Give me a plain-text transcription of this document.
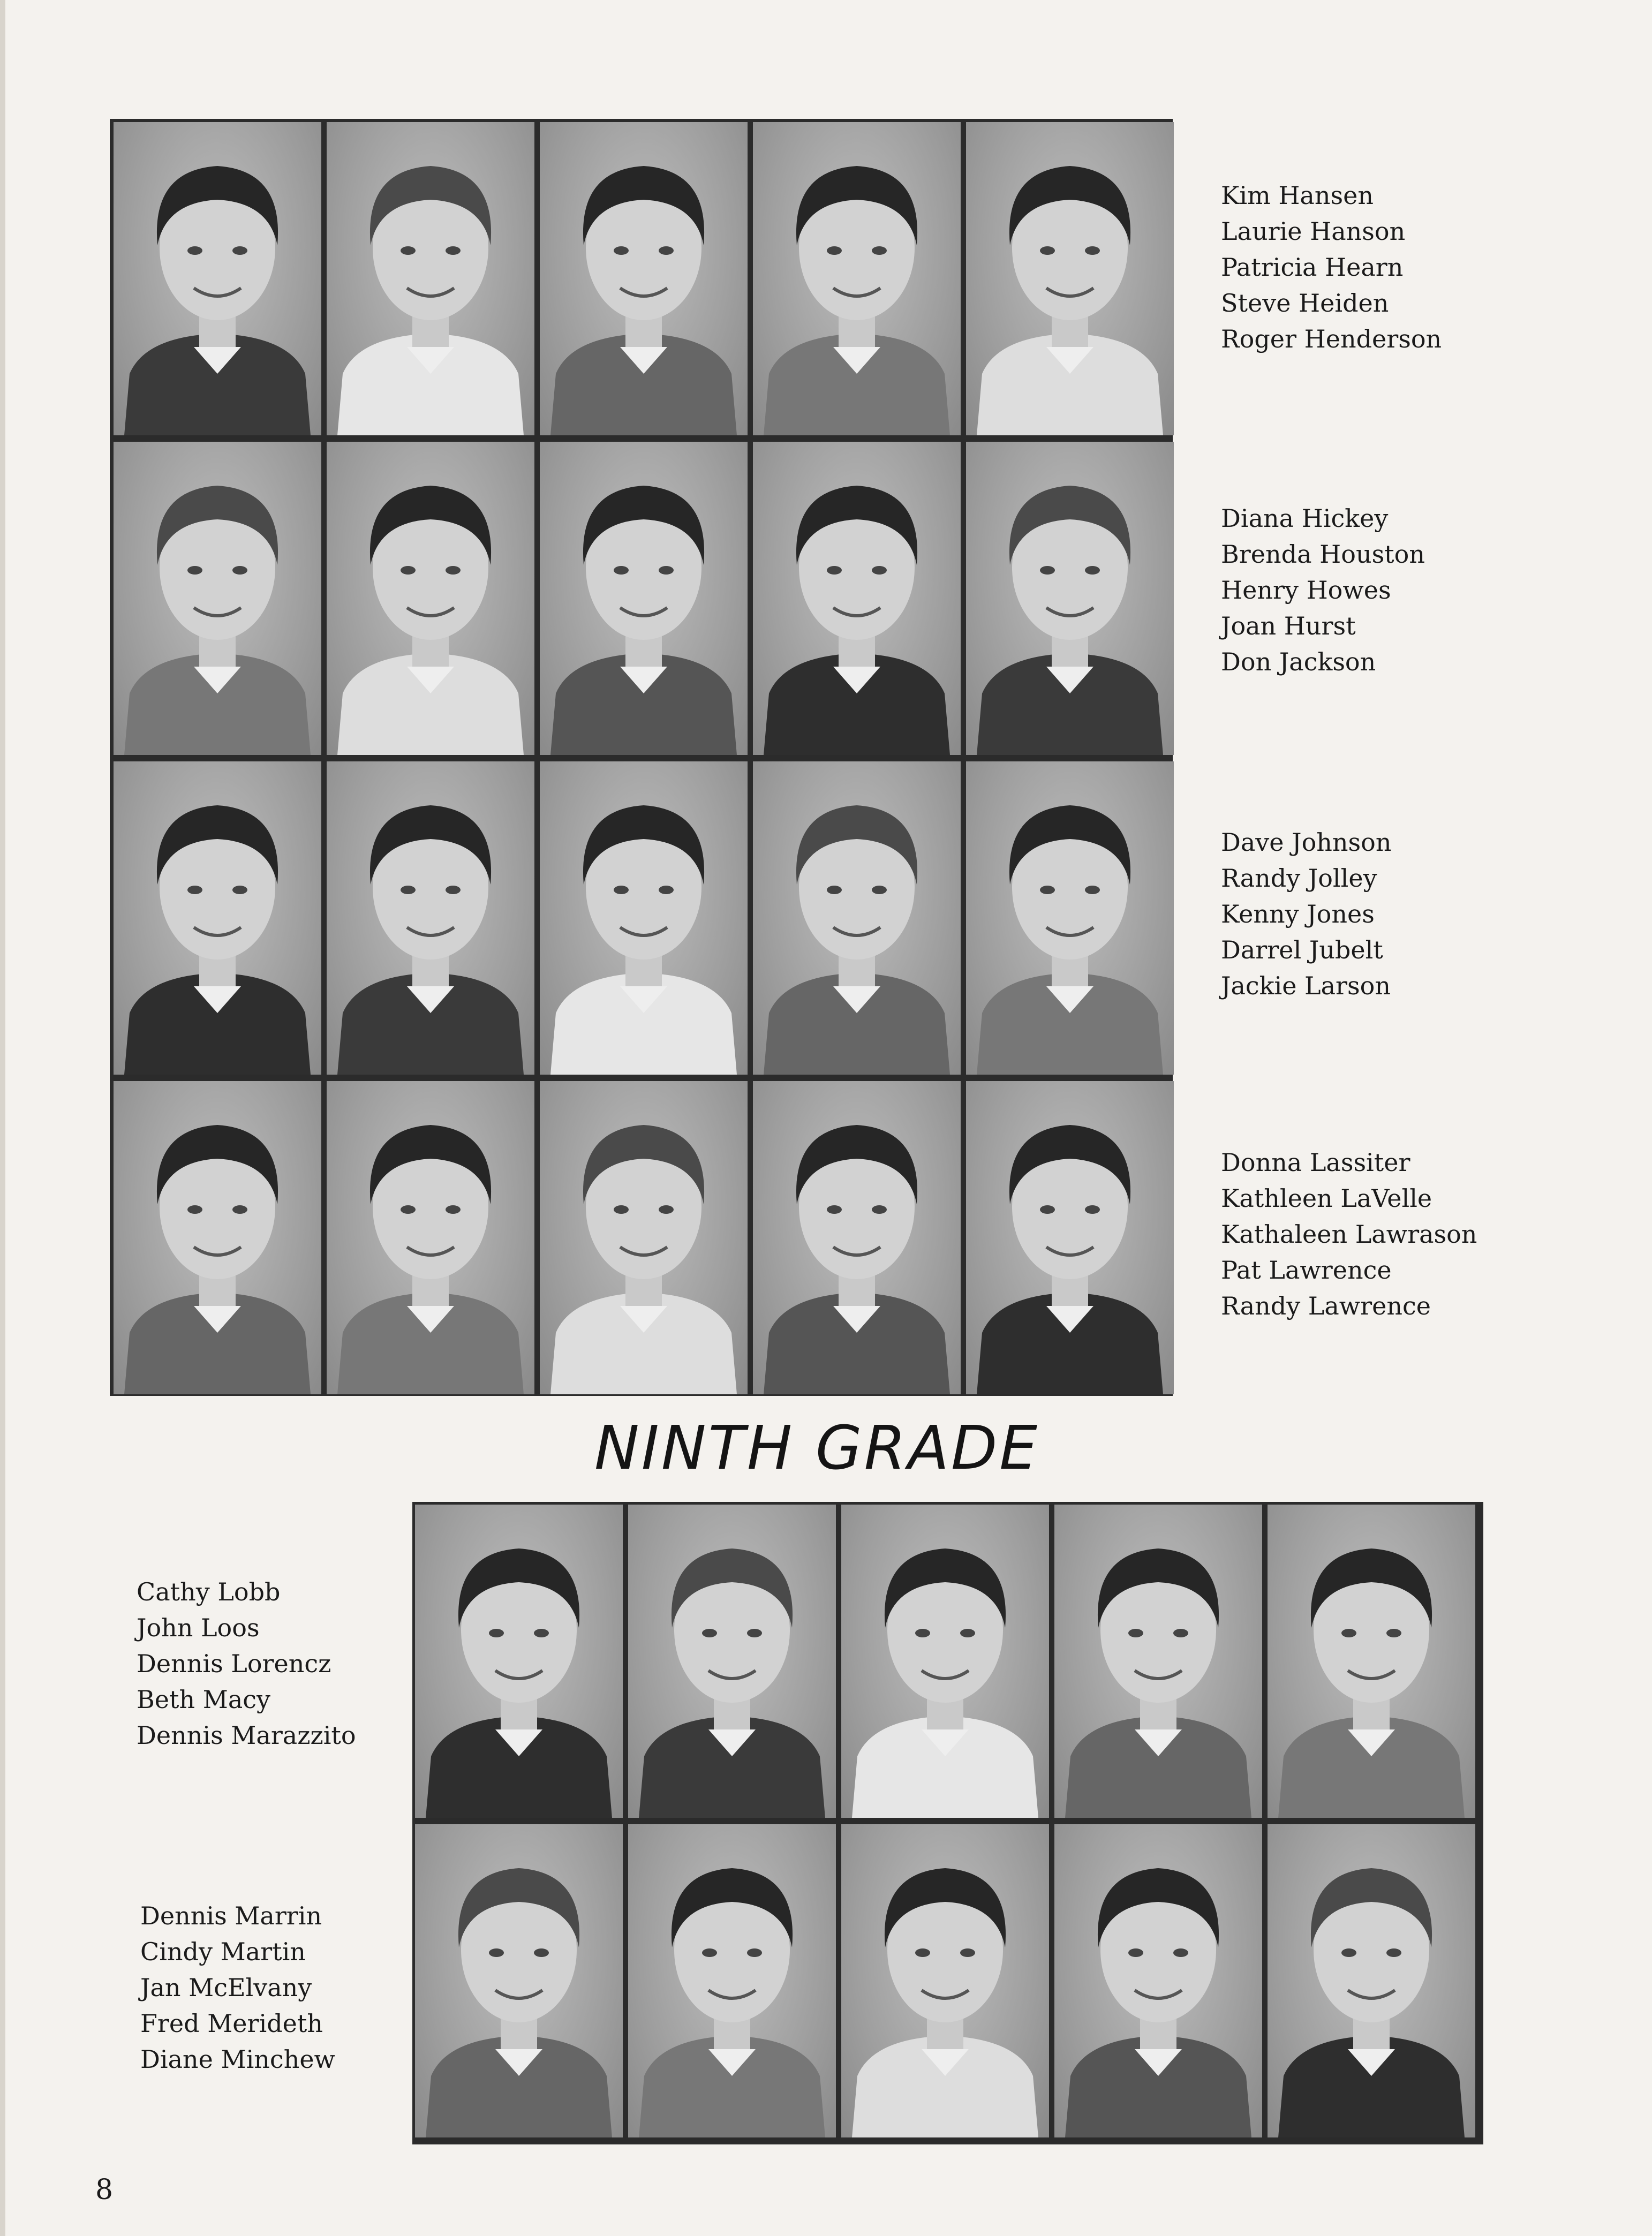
Kim Hansen
Laurie Hanson
Patricia Hearn
Steve Heiden
Roger Henderson
Diana Hickey
Brenda Houston
Henry Howes
Joan Hurst
Don Jackson
Dave Johnson
Randy Jolley
Kenny Jones
Darrel Jubelt
Jackie Larson
Donna Lassiter
Kathleen LaVelle
Kathaleen Lawrason
Pat Lawrence
Randy Lawrence
NINTH GRADE
Cathy Lobb
John Loos
Dennis Lorencz
Beth Macy
Dennis Marazzito
Dennis Marrin
Cindy Martin
Jan McElvany
Fred Merideth
Diane Minchew
8
